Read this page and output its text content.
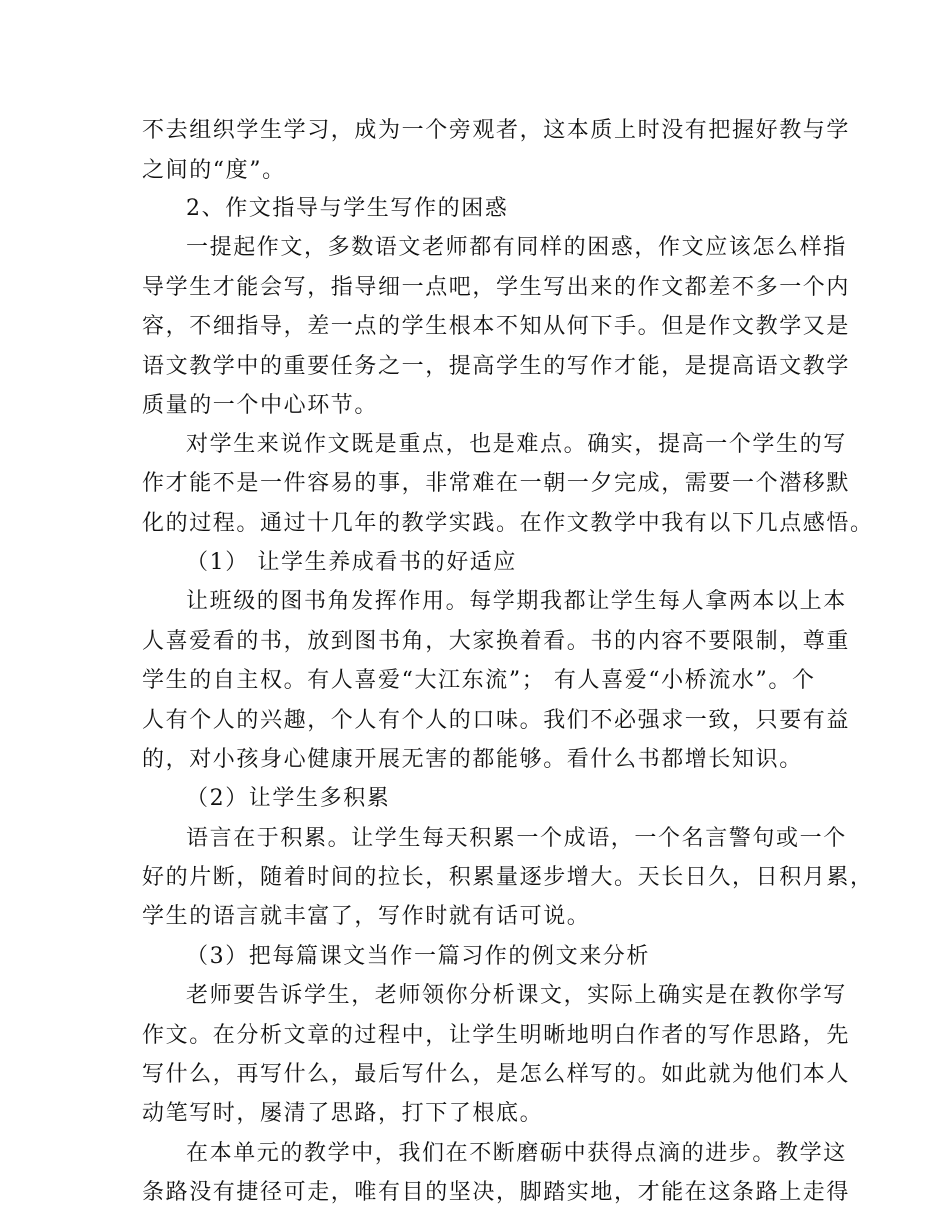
不去组织学生学习，成为一个旁观者，这本质上时没有把握好教与学
之间的“度”。
2、作文指导与学生写作的困惑
一提起作文，多数语文老师都有同样的困惑，作文应该怎么样指
导学生才能会写，指导细一点吧，学生写出来的作文都差不多一个内
容，不细指导，差一点的学生根本不知从何下手。但是作文教学又是
语文教学中的重要任务之一，提高学生的写作才能，是提高语文教学
质量的一个中心环节。
对学生来说作文既是重点，也是难点。确实，提高一个学生的写
作才能不是一件容易的事，非常难在一朝一夕完成，需要一个潜移默
化的过程。通过十几年的教学实践。在作文教学中我有以下几点感悟。
（1） 让学生养成看书的好适应
让班级的图书角发挥作用。每学期我都让学生每人拿两本以上本
人喜爱看的书，放到图书角，大家换着看。书的内容不要限制，尊重
学生的自主权。有人喜爱“大江东流”； 有人喜爱“小桥流水”。个
人有个人的兴趣，个人有个人的口味。我们不必强求一致，只要有益
的，对小孩身心健康开展无害的都能够。看什么书都增长知识。
（2）让学生多积累
语言在于积累。让学生每天积累一个成语，一个名言警句或一个
好的片断，随着时间的拉长，积累量逐步增大。天长日久，日积月累，
学生的语言就丰富了，写作时就有话可说。
（3）把每篇课文当作一篇习作的例文来分析
老师要告诉学生，老师领你分析课文，实际上确实是在教你学写
作文。在分析文章的过程中，让学生明晰地明白作者的写作思路，先
写什么，再写什么，最后写什么，是怎么样写的。如此就为他们本人
动笔写时，屡清了思路，打下了根底。
在本单元的教学中，我们在不断磨砺中获得点滴的进步。教学这
条路没有捷径可走，唯有目的坚决，脚踏实地，才能在这条路上走得
